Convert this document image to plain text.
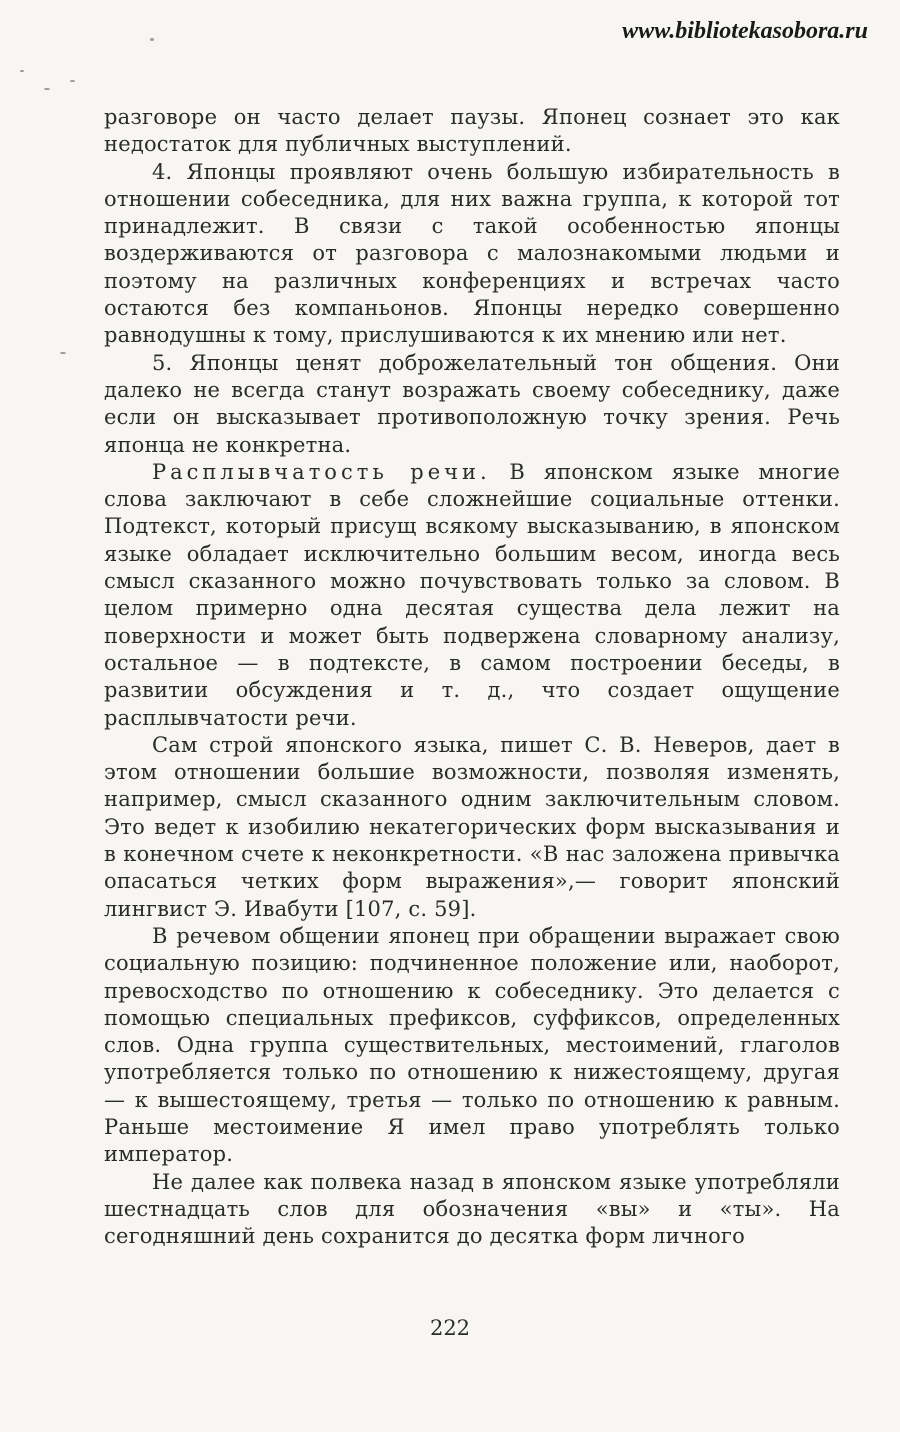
www.bibliotekasobora.ru

разговоре он часто делает паузы. Японец сознает это как недостаток для публичных выступлений.

4. Японцы проявляют очень большую избирательность в отношении собеседника, для них важна группа, к которой тот принадлежит. В связи с такой особенностью японцы воздерживаются от разговора с малознакомыми людьми и поэтому на различных конференциях и встречах часто остаются без компаньонов. Японцы нередко совершенно равнодушны к тому, прислушиваются к их мнению или нет.

5. Японцы ценят доброжелательный тон общения. Они далеко не всегда станут возражать своему собеседнику, даже если он высказывает противоположную точку зрения. Речь японца не конкретна.

Расплывчатость речи. В японском языке многие слова заключают в себе сложнейшие социальные оттенки. Подтекст, который присущ всякому высказыванию, в японском языке обладает исключительно большим весом, иногда весь смысл сказанного можно почувствовать только за словом. В целом примерно одна десятая существа дела лежит на поверхности и может быть подвержена словарному анализу, остальное — в подтексте, в самом построении беседы, в развитии обсуждения и т. д., что создает ощущение расплывчатости речи.

Сам строй японского языка, пишет С. В. Неверов, дает в этом отношении большие возможности, позволяя изменять, например, смысл сказанного одним заключительным словом. Это ведет к изобилию некатегорических форм высказывания и в конечном счете к неконкретности. «В нас заложена привычка опасаться четких форм выражения»,— говорит японский лингвист Э. Ивабути [107, с. 59].

В речевом общении японец при обращении выражает свою социальную позицию: подчиненное положение или, наоборот, превосходство по отношению к собеседнику. Это делается с помощью специальных префиксов, суффиксов, определенных слов. Одна группа существительных, местоимений, глаголов употребляется только по отношению к нижестоящему, другая — к вышестоящему, третья — только по отношению к равным. Раньше местоимение Я имел право употреблять только император.

Не далее как полвека назад в японском языке употребляли шестнадцать слов для обозначения «вы» и «ты». На сегодняшний день сохранится до десятка форм личного

222
